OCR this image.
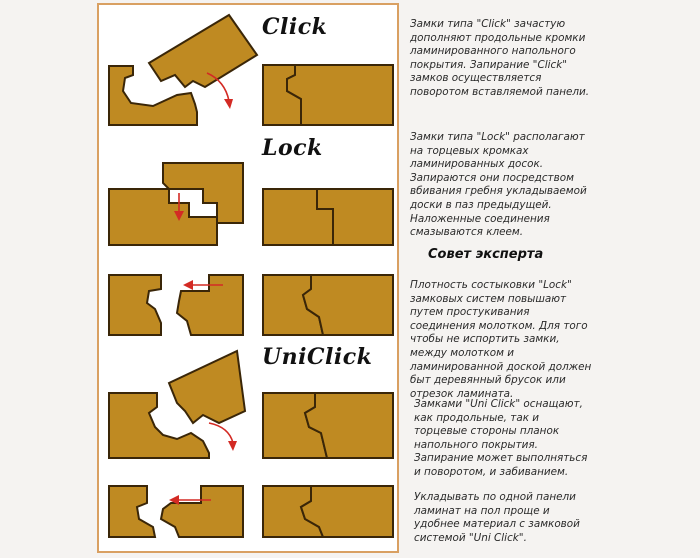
Click
Lock
UniClick

Замки типа "Click" зачастую дополняют продольные кромки ламинированного напольного покрытия. Запирание "Click" замков осуществляется поворотом вставляемой панели.

Замки типа "Lock" располагают на торцевых кромках ламинированных досок. Запираются они посредством вбивания гребня укладываемой доски в паз предыдущей. Наложенные соединения смазываются клеем.

Совет эксперта

Плотность состыковки "Lock" замковых систем повышают путем простукивания соединения молотком. Для того чтобы не испортить замки, между молотком и ламинированной доской должен быт деревянный брусок или отрезок ламината.

Замками "Uni Click" оснащают, как продольные, так и торцевые стороны планок напольного покрытия. Запирание может выполняться и поворотом, и забиванием.

Укладывать по одной панели ламинат на пол проще и удобнее материал с замковой системой "Uni Click".
